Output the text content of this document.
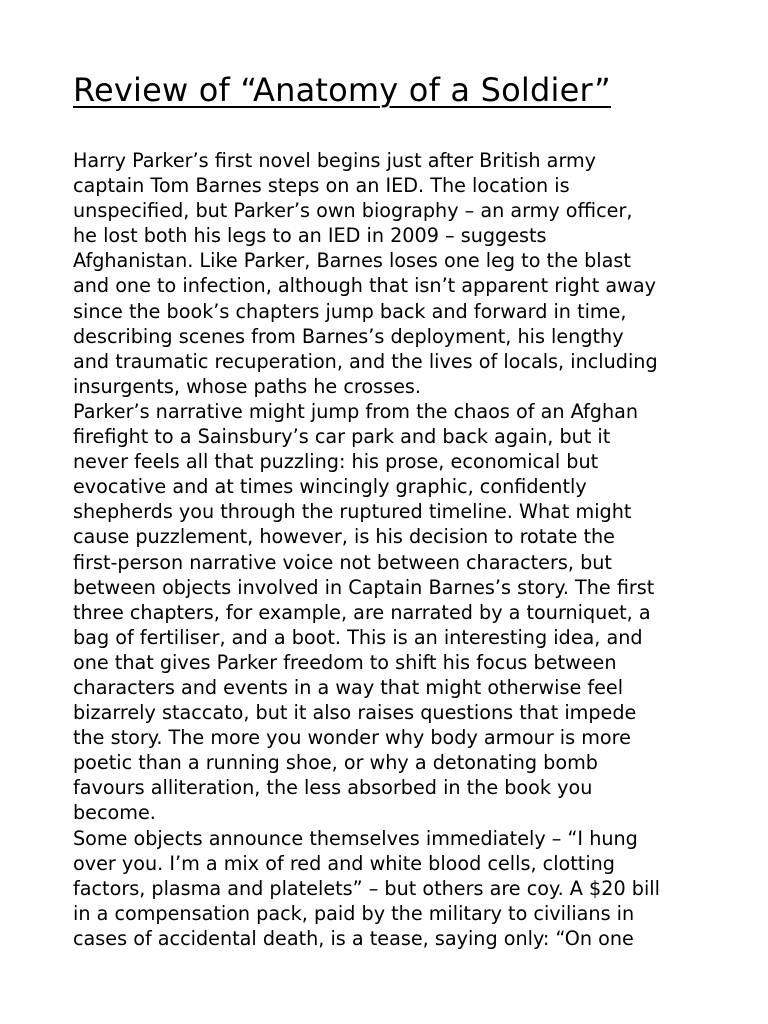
Review of “Anatomy of a Soldier”
Harry Parker’s first novel begins just after British army
captain Tom Barnes steps on an IED. The location is
unspecified, but Parker’s own biography – an army officer,
he lost both his legs to an IED in 2009 – suggests
Afghanistan. Like Parker, Barnes loses one leg to the blast
and one to infection, although that isn’t apparent right away
since the book’s chapters jump back and forward in time,
describing scenes from Barnes’s deployment, his lengthy
and traumatic recuperation, and the lives of locals, including
insurgents, whose paths he crosses.
Parker’s narrative might jump from the chaos of an Afghan
firefight to a Sainsbury’s car park and back again, but it
never feels all that puzzling: his prose, economical but
evocative and at times wincingly graphic, confidently
shepherds you through the ruptured timeline. What might
cause puzzlement, however, is his decision to rotate the
first-person narrative voice not between characters, but
between objects involved in Captain Barnes’s story. The first
three chapters, for example, are narrated by a tourniquet, a
bag of fertiliser, and a boot. This is an interesting idea, and
one that gives Parker freedom to shift his focus between
characters and events in a way that might otherwise feel
bizarrely staccato, but it also raises questions that impede
the story. The more you wonder why body armour is more
poetic than a running shoe, or why a detonating bomb
favours alliteration, the less absorbed in the book you
become.
Some objects announce themselves immediately – “I hung
over you. I’m a mix of red and white blood cells, clotting
factors, plasma and platelets” – but others are coy. A $20 bill
in a compensation pack, paid by the military to civilians in
cases of accidental death, is a tease, saying only: “On one
